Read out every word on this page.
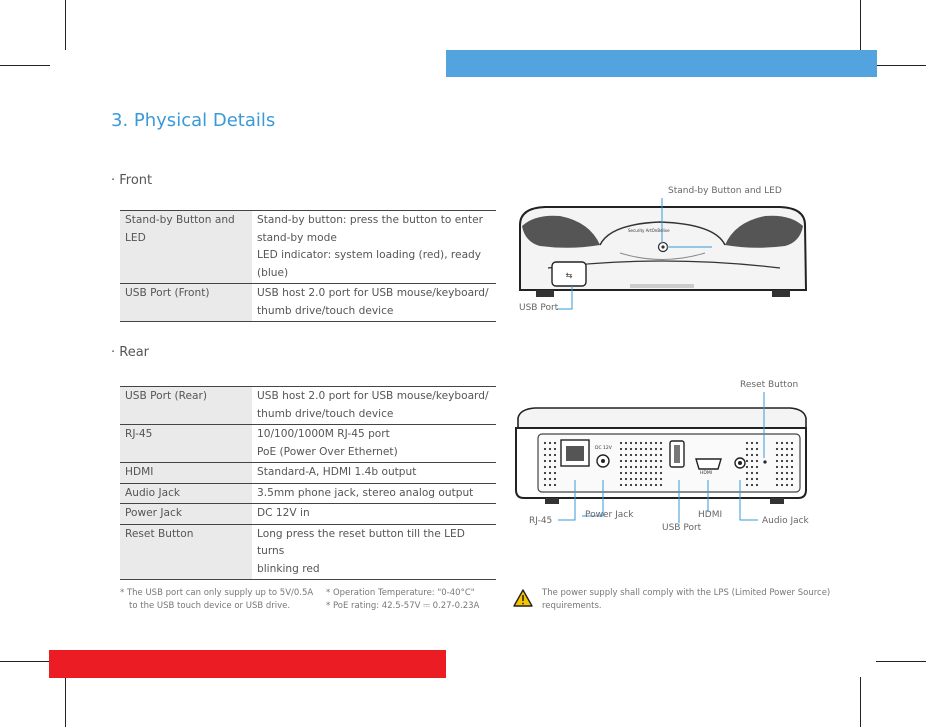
3. Physical Details
· Front
Stand-by Button and LED	Stand-by button: press the button to enter
stand-by mode
LED indicator: system loading (red), ready (blue)

USB Port (Front)	USB host 2.0 port for USB mouse/keyboard/
thumb drive/touch device
· Rear
USB Port (Rear)	USB host 2.0 port for USB mouse/keyboard/
thumb drive/touch device

RJ-45	10/100/1000M RJ-45 port
PoE (Power Over Ethernet)

HDMI	Standard-A, HDMI 1.4b output

Audio Jack	3.5mm phone jack, stereo analog output

Power Jack	DC 12V in

Reset Button	Long press the reset button till the LED turns
blinking red
⇆
Security ArtOnBelive
DC 12V
HDMI
Stand-by Button and LED
USB Port
Reset Button
RJ-45
Power Jack
USB Port
HDMI
Audio Jack
* The USB port can only supply up to 5V/0.5A
to the USB touch device or USB drive.
* Operation Temperature: "0-40°C"
* PoE rating: 42.5-57V ⎓ 0.27-0.23A
The power supply shall comply with the LPS (Limited Power Source)
requirements.
